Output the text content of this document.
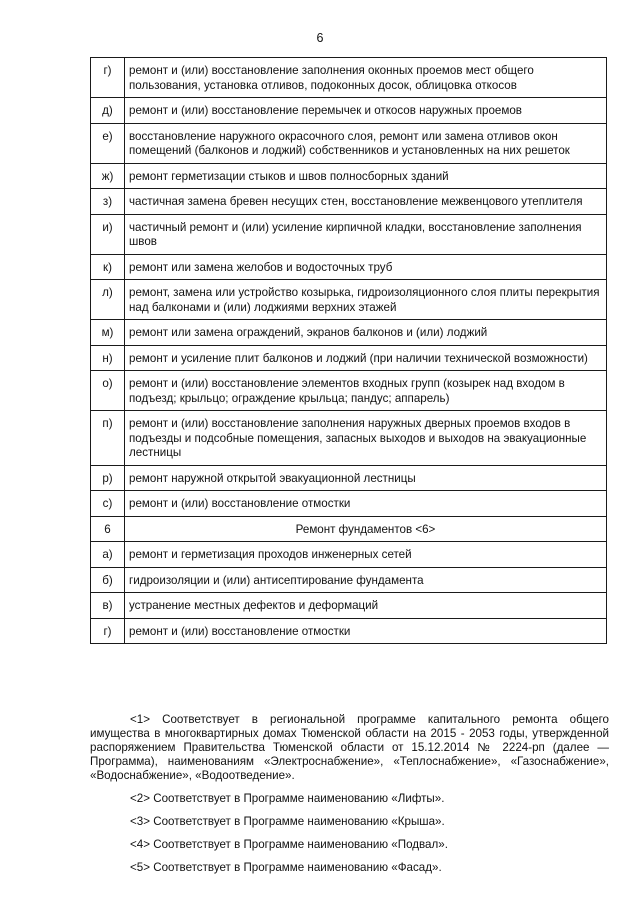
6
г)	ремонт и (или) восстановление заполнения оконных проемов мест общего пользования, установка отливов, подоконных досок, облицовка откосов
д)	ремонт и (или) восстановление перемычек и откосов наружных проемов
е)	восстановление наружного окрасочного слоя, ремонт или замена отливов окон помещений (балконов и лоджий) собственников и установленных на них решеток
ж)	ремонт герметизации стыков и швов полносборных зданий
з)	частичная замена бревен несущих стен, восстановление межвенцового утеплителя
и)	частичный ремонт и (или) усиление кирпичной кладки, восстановление заполнения швов
к)	ремонт или замена желобов и водосточных труб
л)	ремонт, замена или устройство козырька, гидроизоляционного слоя плиты перекрытия над балконами и (или) лоджиями верхних этажей
м)	ремонт или замена ограждений, экранов балконов и (или) лоджий
н)	ремонт и усиление плит балконов и лоджий (при наличии технической возможности)
о)	ремонт и (или) восстановление элементов входных групп (козырек над входом в подъезд; крыльцо; ограждение крыльца; пандус; аппарель)
п)	ремонт и (или) восстановление заполнения наружных дверных проемов входов в подъезды и подсобные помещения, запасных выходов и выходов на эвакуационные лестницы
р)	ремонт наружной открытой эвакуационной лестницы
с)	ремонт и (или) восстановление отмостки
6	Ремонт фундаментов <6>
а)	ремонт и герметизация проходов инженерных сетей
б)	гидроизоляции и (или) антисептирование фундамента
в)	устранение местных дефектов и деформаций
г)	ремонт и (или) восстановление отмостки

<1> Соответствует в региональной программе капитального ремонта общего имущества в многоквартирных домах Тюменской области на 2015 - 2053 годы, утвержденной распоряжением Правительства Тюменской области от 15.12.2014 № 2224-рп (далее — Программа), наименованиям «Электроснабжение», «Теплоснабжение», «Газоснабжение», «Водоснабжение», «Водоотведение».

<2> Соответствует в Программе наименованию «Лифты».

<3> Соответствует в Программе наименованию «Крыша».

<4> Соответствует в Программе наименованию «Подвал».

<5> Соответствует в Программе наименованию «Фасад».
